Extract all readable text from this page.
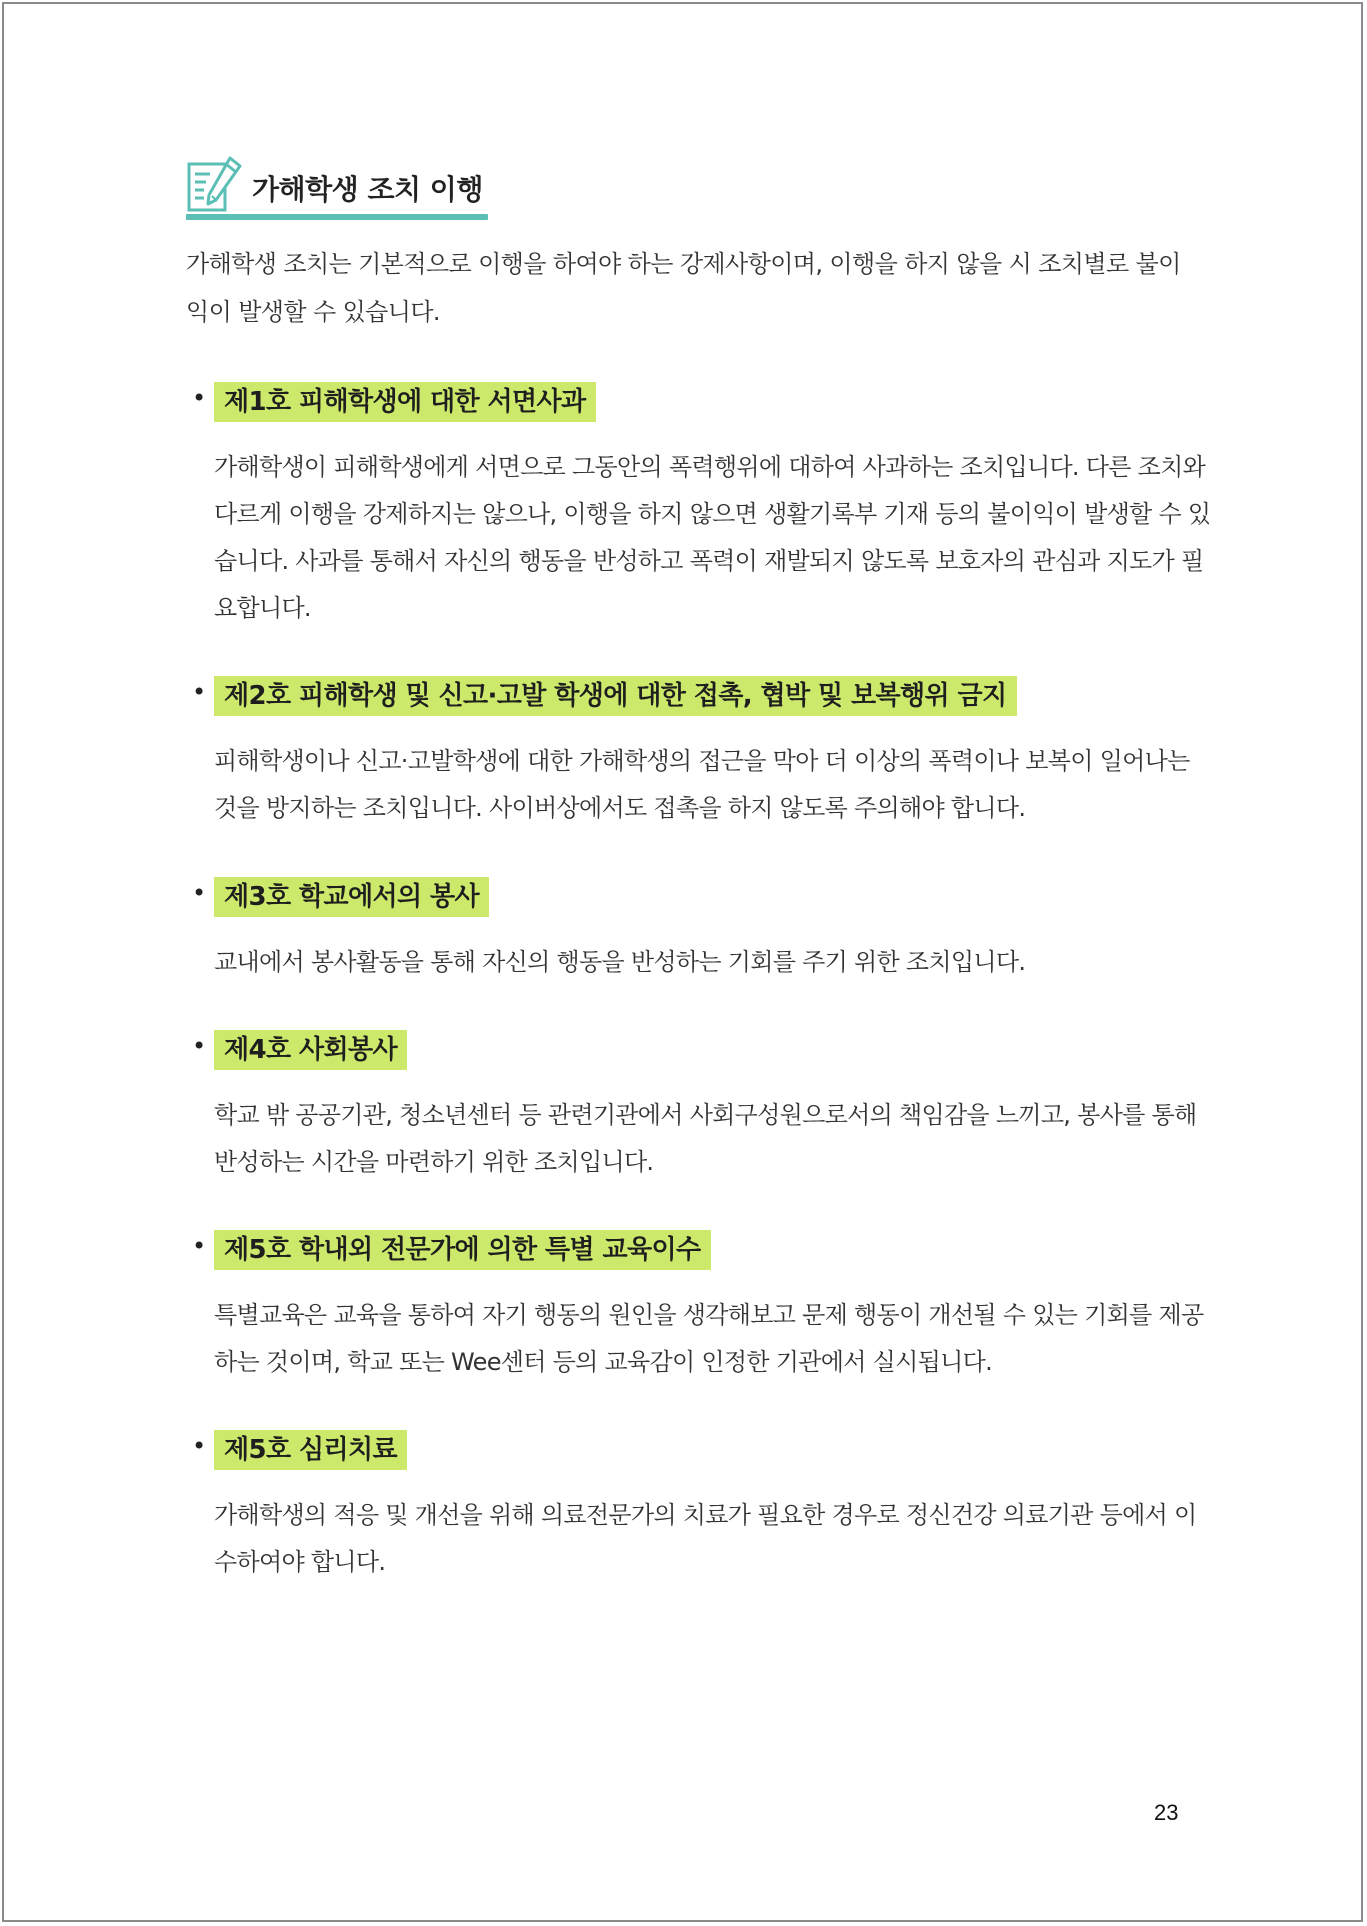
가해학생 조치 이행
가해학생 조치는 기본적으로 이행을 하여야 하는 강제사항이며, 이행을 하지 않을 시 조치별로 불이익이 발생할 수 있습니다.
• 제1호 피해학생에 대한 서면사과
가해학생이 피해학생에게 서면으로 그동안의 폭력행위에 대하여 사과하는 조치입니다. 다른 조치와 다르게 이행을 강제하지는 않으나, 이행을 하지 않으면 생활기록부 기재 등의 불이익이 발생할 수 있습니다. 사과를 통해서 자신의 행동을 반성하고 폭력이 재발되지 않도록 보호자의 관심과 지도가 필요합니다.
• 제2호 피해학생 및 신고·고발 학생에 대한 접촉, 협박 및 보복행위 금지
피해학생이나 신고·고발학생에 대한 가해학생의 접근을 막아 더 이상의 폭력이나 보복이 일어나는 것을 방지하는 조치입니다. 사이버상에서도 접촉을 하지 않도록 주의해야 합니다.
• 제3호 학교에서의 봉사
교내에서 봉사활동을 통해 자신의 행동을 반성하는 기회를 주기 위한 조치입니다.
• 제4호 사회봉사
학교 밖 공공기관, 청소년센터 등 관련기관에서 사회구성원으로서의 책임감을 느끼고, 봉사를 통해 반성하는 시간을 마련하기 위한 조치입니다.
• 제5호 학내외 전문가에 의한 특별 교육이수
특별교육은 교육을 통하여 자기 행동의 원인을 생각해보고 문제 행동이 개선될 수 있는 기회를 제공하는 것이며, 학교 또는 Wee센터 등의 교육감이 인정한 기관에서 실시됩니다.
• 제5호 심리치료
가해학생의 적응 및 개선을 위해 의료전문가의 치료가 필요한 경우로 정신건강 의료기관 등에서 이수하여야 합니다.
23
